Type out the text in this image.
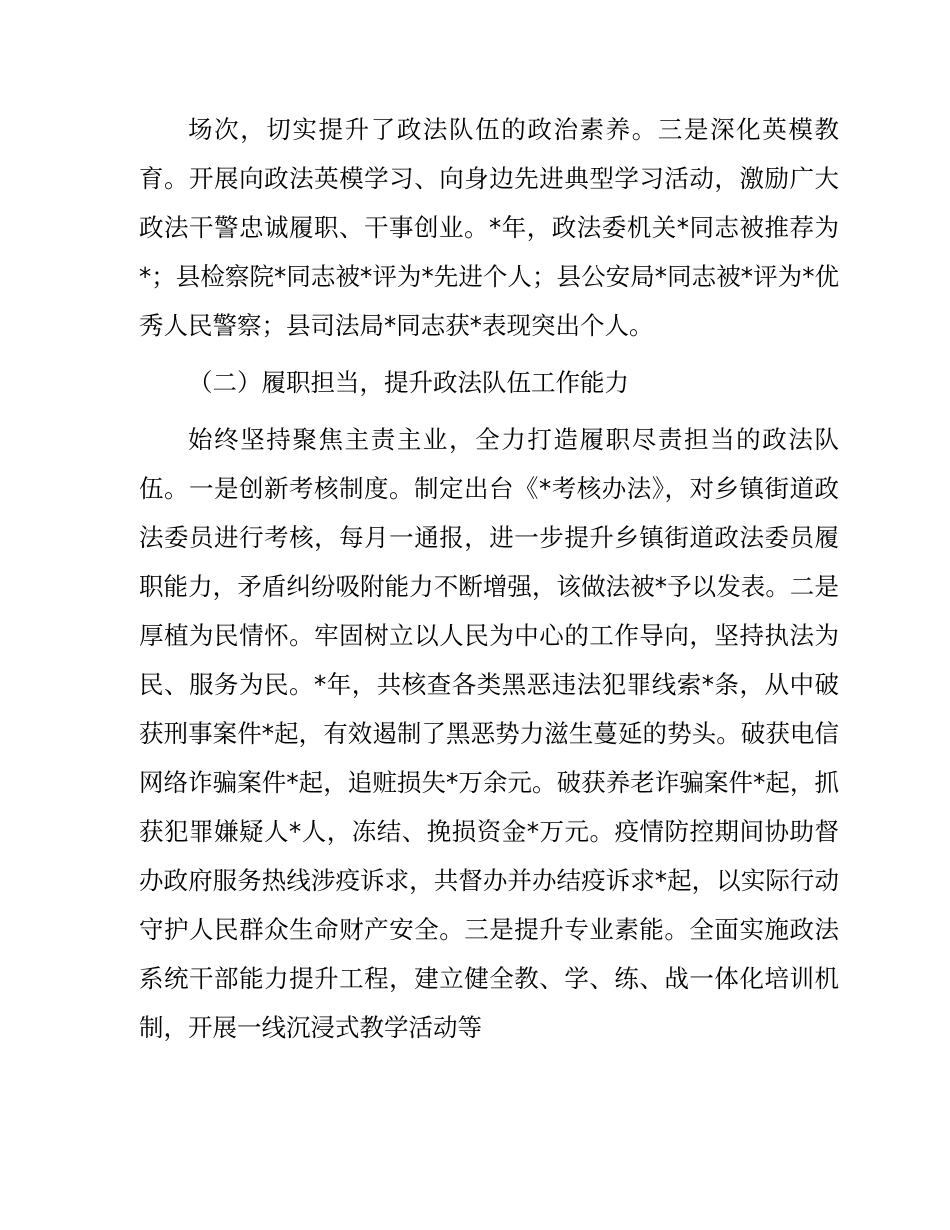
场次，切实提升了政法队伍的政治素养。三是深化英模教育。开展向政法英模学习、向身边先进典型学习活动，激励广大政法干警忠诚履职、干事创业。*年，政法委机关*同志被推荐为*；县检察院*同志被*评为*先进个人；县公安局*同志被*评为*优秀人民警察；县司法局*同志获*表现突出个人。

（二）履职担当，提升政法队伍工作能力

始终坚持聚焦主责主业，全力打造履职尽责担当的政法队伍。一是创新考核制度。制定出台《*考核办法》，对乡镇街道政法委员进行考核，每月一通报，进一步提升乡镇街道政法委员履职能力，矛盾纠纷吸附能力不断增强，该做法被*予以发表。二是厚植为民情怀。牢固树立以人民为中心的工作导向，坚持执法为民、服务为民。*年，共核查各类黑恶违法犯罪线索*条，从中破获刑事案件*起，有效遏制了黑恶势力滋生蔓延的势头。破获电信网络诈骗案件*起，追赃损失*万余元。破获养老诈骗案件*起，抓获犯罪嫌疑人*人，冻结、挽损资金*万元。疫情防控期间协助督办政府服务热线涉疫诉求，共督办并办结疫诉求*起，以实际行动守护人民群众生命财产安全。三是提升专业素能。全面实施政法系统干部能力提升工程，建立健全教、学、练、战一体化培训机制，开展一线沉浸式教学活动等
